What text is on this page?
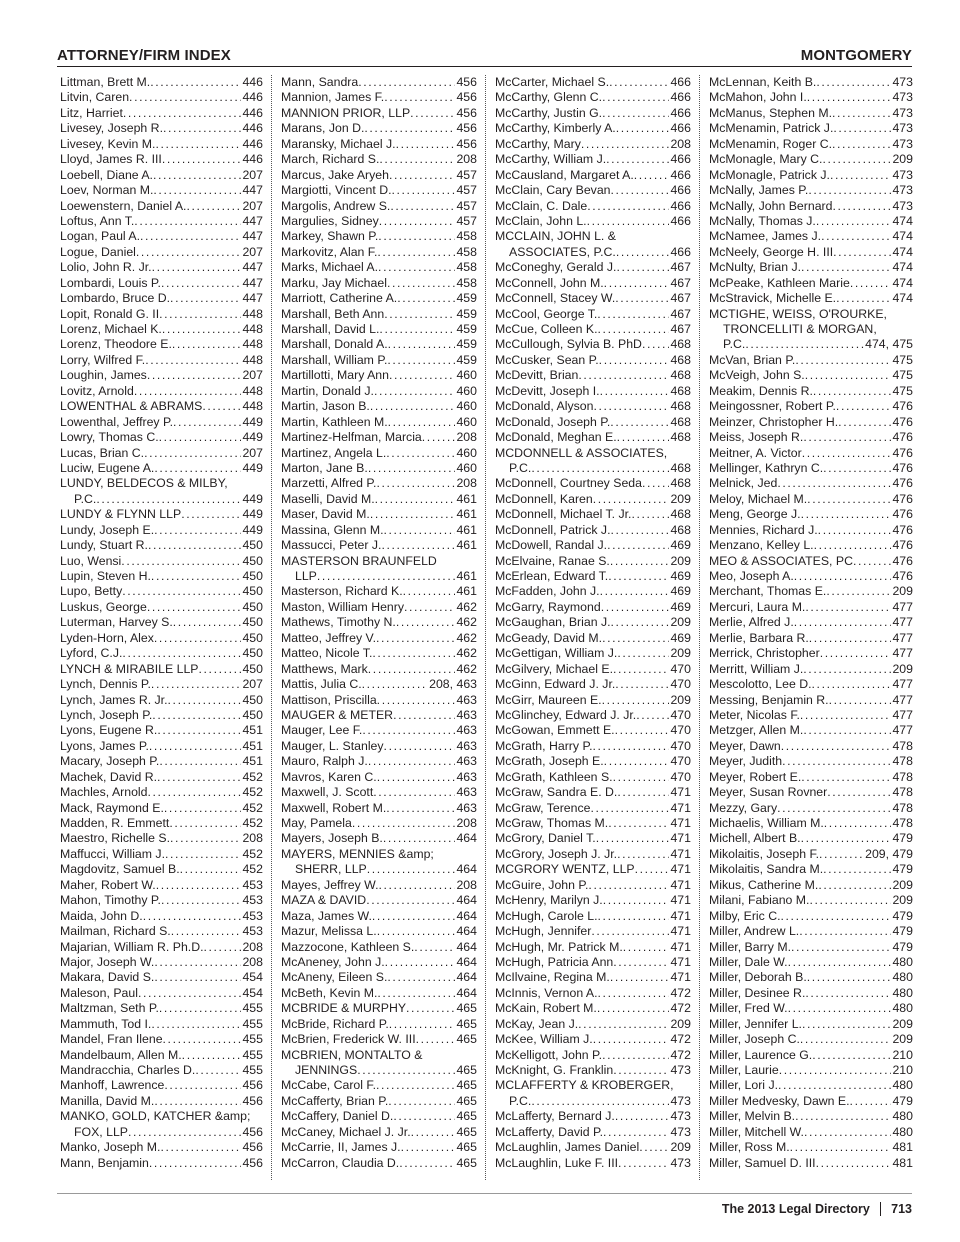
ATTORNEY/FIRM INDEX	MONTGOMERY
Littman, Brett M. .....	446
Litvin, Caren .....	446
Litz, Harriet .....	446
Livesey, Joseph R. .....	446
Livesey, Kevin M. .....	446
Lloyd, James R. III .....	446
Loebell, Diane A. .....	207
Loev, Norman M. .....	447
Loewenstern, Daniel A. .....	207
Loftus, Ann T. .....	447
Logan, Paul A. .....	447
Logue, Daniel .....	207
Lolio, John R. Jr. .....	447
Lombardi, Louis P. .....	447
Lombardo, Bruce D. .....	447
Lopit, Ronald G. II .....	448
Lorenz, Michael K. .....	448
Lorenz, Theodore E. .....	448
Lorry, Wilfred F. .....	448
Loughin, James .....	207
Lovitz, Arnold .....	448
LOWENTHAL & ABRAMS .....	448
Lowenthal, Jeffrey P. .....	449
Lowry, Thomas C. .....	449
Lucas, Brian C. .....	207
Luciw, Eugene A. .....	449
LUNDY, BELDECOS & MILBY,
P.C. .....	449
LUNDY & FLYNN LLP .....	449
Lundy, Joseph E. .....	449
Lundy, Stuart R. .....	450
Luo, Wensi .....	450
Lupin, Steven H. .....	450
Lupo, Betty .....	450
Luskus, George .....	450
Luterman, Harvey S. .....	450
Lyden-Horn, Alex .....	450
Lyford, C.J. .....	450
LYNCH & MIRABILE LLP .....	450
Lynch, Dennis P. .....	207
Lynch, James R. Jr. .....	450
Lynch, Joseph P. .....	450
Lyons, Eugene R. .....	451
Lyons, James P. .....	451
Macary, Joseph P. .....	451
Machek, David R. .....	452
Machles, Arnold .....	452
Mack, Raymond E. .....	452
Madden, R. Emmett .....	452
Maestro, Richelle S. .....	208
Maffucci, William J. .....	452
Magdovitz, Samuel B. .....	452
Maher, Robert W. .....	453
Mahon, Timothy P. .....	453
Maida, John D. .....	453
Mailman, Richard S. .....	453
Majarian, William R. Ph.D. .....	208
Major, Joseph W. .....	208
Makara, David S. .....	454
Maleson, Paul .....	454
Maltzman, Seth P. .....	455
Mammuth, Tod I. .....	455
Mandel, Fran Ilene .....	455
Mandelbaum, Allen M. .....	455
Mandracchia, Charles D. .....	455
Manhoff, Lawrence .....	456
Manilla, David M. .....	456
MANKO, GOLD, KATCHER &amp;
FOX, LLP .....	456
Manko, Joseph M. .....	456
Mann, Benjamin .....	456
Mann, Sandra .....	456
Mannion, James F. .....	456
MANNION PRIOR, LLP .....	456
Marans, Jon D. .....	456
Maransky, Michael J. .....	456
March, Richard S. .....	208
Marcus, Jake Aryeh .....	457
Margiotti, Vincent D. .....	457
Margolis, Andrew S. .....	457
Margulies, Sidney .....	457
Markey, Shawn P. .....	458
Markovitz, Alan F. .....	458
Marks, Michael A. .....	458
Marku, Jay Michael .....	458
Marriott, Catherine A. .....	459
Marshall, Beth Ann .....	459
Marshall, David L. .....	459
Marshall, Donald A. .....	459
Marshall, William P. .....	459
Martillotti, Mary Ann .....	460
Martin, Donald J. .....	460
Martin, Jason B. .....	460
Martin, Kathleen M. .....	460
Martinez-Helfman, Marcia .....	208
Martinez, Angela L. .....	460
Marton, Jane B. .....	460
Marzetti, Alfred P. .....	208
Maselli, David M. .....	461
Maser, David M. .....	461
Massina, Glenn M. .....	461
Massucci, Peter J. .....	461
MASTERSON BRAUNFELD
LLP .....	461
Masterson, Richard K. .....	461
Maston, William Henry .....	462
Mathews, Timothy N. .....	462
Matteo, Jeffrey V. .....	462
Matteo, Nicole T. .....	462
Matthews, Mark .....	462
Mattis, Julia C. .....	208, 463
Mattison, Priscilla .....	463
MAUGER & METER .....	463
Mauger, Lee F. .....	463
Mauger, L. Stanley .....	463
Mauro, Ralph J. .....	463
Mavros, Karen C. .....	463
Maxwell, J. Scott .....	463
Maxwell, Robert M. .....	463
May, Pamela .....	208
Mayers, Joseph B. .....	464
MAYERS, MENNIES &amp;
SHERR, LLP .....	464
Mayes, Jeffrey W. .....	208
MAZA & DAVID .....	464
Maza, James W. .....	464
Mazur, Melissa L. .....	464
Mazzocone, Kathleen S. .....	464
McAneney, John J. .....	464
McAneny, Eileen S. .....	464
McBeth, Kevin M. .....	464
MCBRIDE & MURPHY .....	465
McBride, Richard P. .....	465
McBrien, Frederick W. III .....	465
MCBRIEN, MONTALTO &
JENNINGS .....	465
McCabe, Carol F. .....	465
McCafferty, Brian P. .....	465
McCaffery, Daniel D. .....	465
McCaney, Michael J. Jr. .....	465
McCarrie, II, James J. .....	465
McCarron, Claudia D. .....	465
McCarter, Michael S. .....	466
McCarthy, Glenn C. .....	466
McCarthy, Justin G. .....	466
McCarthy, Kimberly A. .....	466
McCarthy, Mary .....	208
McCarthy, William J. .....	466
McCausland, Margaret A. .....	466
McClain, Cary Bevan .....	466
McClain, C. Dale .....	466
McClain, John L. .....	466
MCCLAIN, JOHN L. &
ASSOCIATES, P.C. .....	466
McConeghy, Gerald J. .....	467
McConnell, John M. .....	467
McConnell, Stacey W. .....	467
McCool, George T. .....	467
McCue, Colleen K. .....	467
McCullough, Sylvia B. PhD ..... 468
McCusker, Sean P. .....	468
McDevitt, Brian .....	468
McDevitt, Joseph I. .....	468
McDonald, Alyson .....	468
McDonald, Joseph P. .....	468
McDonald, Meghan E. .....	468
MCDONNELL & ASSOCIATES,
P.C. .....	468
McDonnell, Courtney Seda ..... 468
McDonnell, Karen .....	209
McDonnell, Michael T. Jr. .....	468
McDonnell, Patrick J. .....	468
McDowell, Randal J. .....	469
McElvaine, Ranae S. .....	209
McErlean, Edward T. .....	469
McFadden, John J. .....	469
McGarry, Raymond .....	469
McGaughan, Brian J. .....	209
McGeady, David M. .....	469
McGettigan, William J. .....	209
McGilvery, Michael E. .....	470
McGinn, Edward J. Jr. .....	470
McGirr, Maureen E. .....	209
McGlinchey, Edward J. Jr. .....	470
McGowan, Emmett E. .....	470
McGrath, Harry P. .....	470
McGrath, Joseph E. .....	470
McGrath, Kathleen S. .....	470
McGraw, Sandra E. D. .....	471
McGraw, Terence .....	471
McGraw, Thomas M. .....	471
McGrory, Daniel T. .....	471
McGrory, Joseph J. Jr. .....	471
MCGRORY WENTZ, LLP .....	471
McGuire, John P. .....	471
McHenry, Marilyn J. .....	471
McHugh, Carole L. .....	471
McHugh, Jennifer .....	471
McHugh, Mr. Patrick M. .....	471
McHugh, Patricia Ann .....	471
McIlvaine, Regina M. .....	471
McInnis, Vernon A. .....	472
McKain, Robert M. .....	472
McKay, Jean J. .....	209
McKee, William J. .....	472
McKelligott, John P. .....	472
McKnight, G. Franklin .....	473
MCLAFFERTY & KROBERGER,
P.C. .....	473
McLafferty, Bernard J. .....	473
McLafferty, David P. .....	473
McLaughlin, James Daniel .....	209
McLaughlin, Luke F. III .....	473
McLennan, Keith B. .....	473
McMahon, John I. .....	473
McManus, Stephen M. .....	473
McMenamin, Patrick J. .....	473
McMenamin, Roger C. .....	473
McMonagle, Mary C. .....	209
McMonagle, Patrick J. .....	473
McNally, James P. .....	473
McNally, John Bernard .....	473
McNally, Thomas J. .....	474
McNamee, James J. .....	474
McNeely, George H. III .....	474
McNulty, Brian J. .....	474
McPeake, Kathleen Marie .....	474
McStravick, Michelle E. .....	474
MCTIGHE, WEISS, O'ROURKE,
TRONCELLITI & MORGAN,
P.C. .....	474, 475
McVan, Brian P. .....	475
McVeigh, John S. .....	475
Meakim, Dennis R. .....	475
Meingossner, Robert P. .....	476
Meinzer, Christopher H. .....	476
Meiss, Joseph R. .....	476
Meitner, A. Victor .....	476
Mellinger, Kathryn C. .....	476
Melnick, Jed .....	476
Meloy, Michael M. .....	476
Meng, George J. .....	476
Mennies, Richard J. .....	476
Menzano, Kelley L. .....	476
MEO & ASSOCIATES, PC .....	476
Meo, Joseph A. .....	476
Merchant, Thomas E. .....	209
Mercuri, Laura M. .....	477
Merlie, Alfred J. .....	477
Merlie, Barbara R. .....	477
Merrick, Christopher .....	477
Merritt, William J. .....	209
Mescolotto, Lee D. .....	477
Messing, Benjamin R. .....	477
Meter, Nicolas F. .....	477
Metzger, Allen M. .....	477
Meyer, Dawn .....	478
Meyer, Judith .....	478
Meyer, Robert E. .....	478
Meyer, Susan Rovner .....	478
Mezzy, Gary .....	478
Michaelis, William M. .....	478
Michell, Albert B. .....	479
Mikolaitis, Joseph F. .....	209, 479
Mikolaitis, Sandra M. .....	479
Mikus, Catherine M. .....	209
Milani, Fabiano M. .....	209
Milby, Eric C. .....	479
Miller, Andrew L. .....	479
Miller, Barry M. .....	479
Miller, Dale W. .....	480
Miller, Deborah B. .....	480
Miller, Desinee R. .....	480
Miller, Fred W. .....	480
Miller, Jennifer L. .....	209
Miller, Joseph C. .....	209
Miller, Laurence G. .....	210
Miller, Laurie .....	210
Miller, Lori J. .....	480
Miller Medvesky, Dawn E. .....	479
Miller, Melvin B. .....	480
Miller, Mitchell W. .....	480
Miller, Ross M. .....	481
Miller, Samuel D. III .....	481
The 2013 Legal Directory 713
